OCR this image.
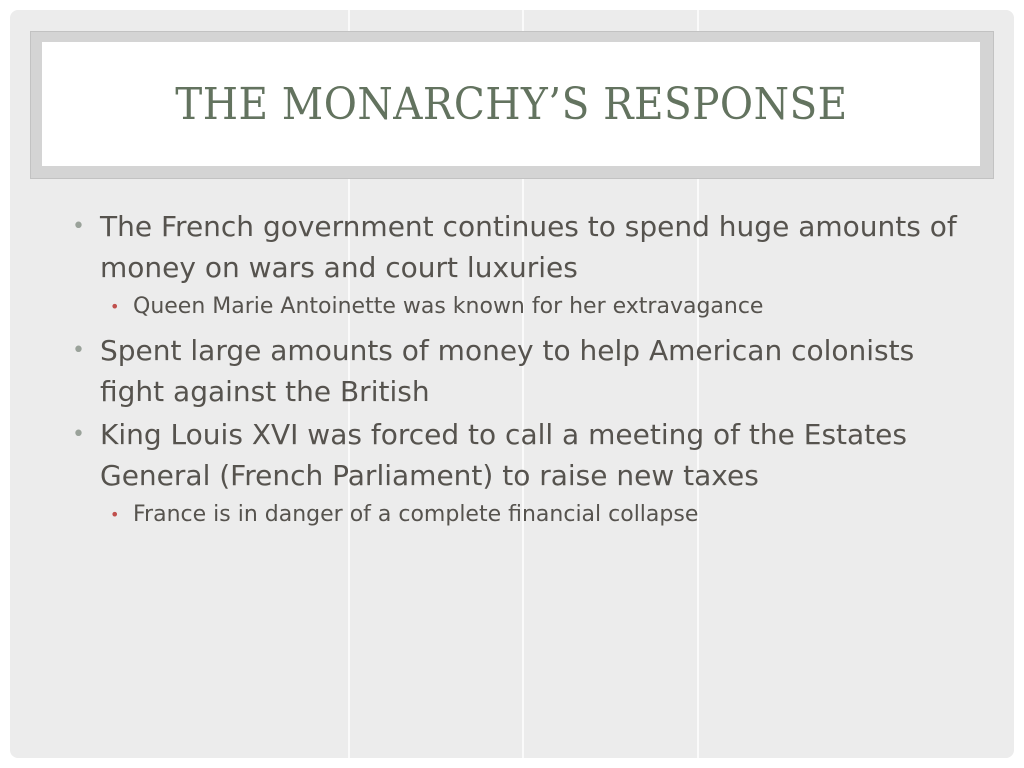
THE MONARCHY’S RESPONSE
• The French government continues to spend huge amounts of money on wars and court luxuries
• Queen Marie Antoinette was known for her extravagance
• Spent large amounts of money to help American colonists fight against the British
• King Louis XVI was forced to call a meeting of the Estates General (French Parliament) to raise new taxes
• France is in danger of a complete financial collapse
